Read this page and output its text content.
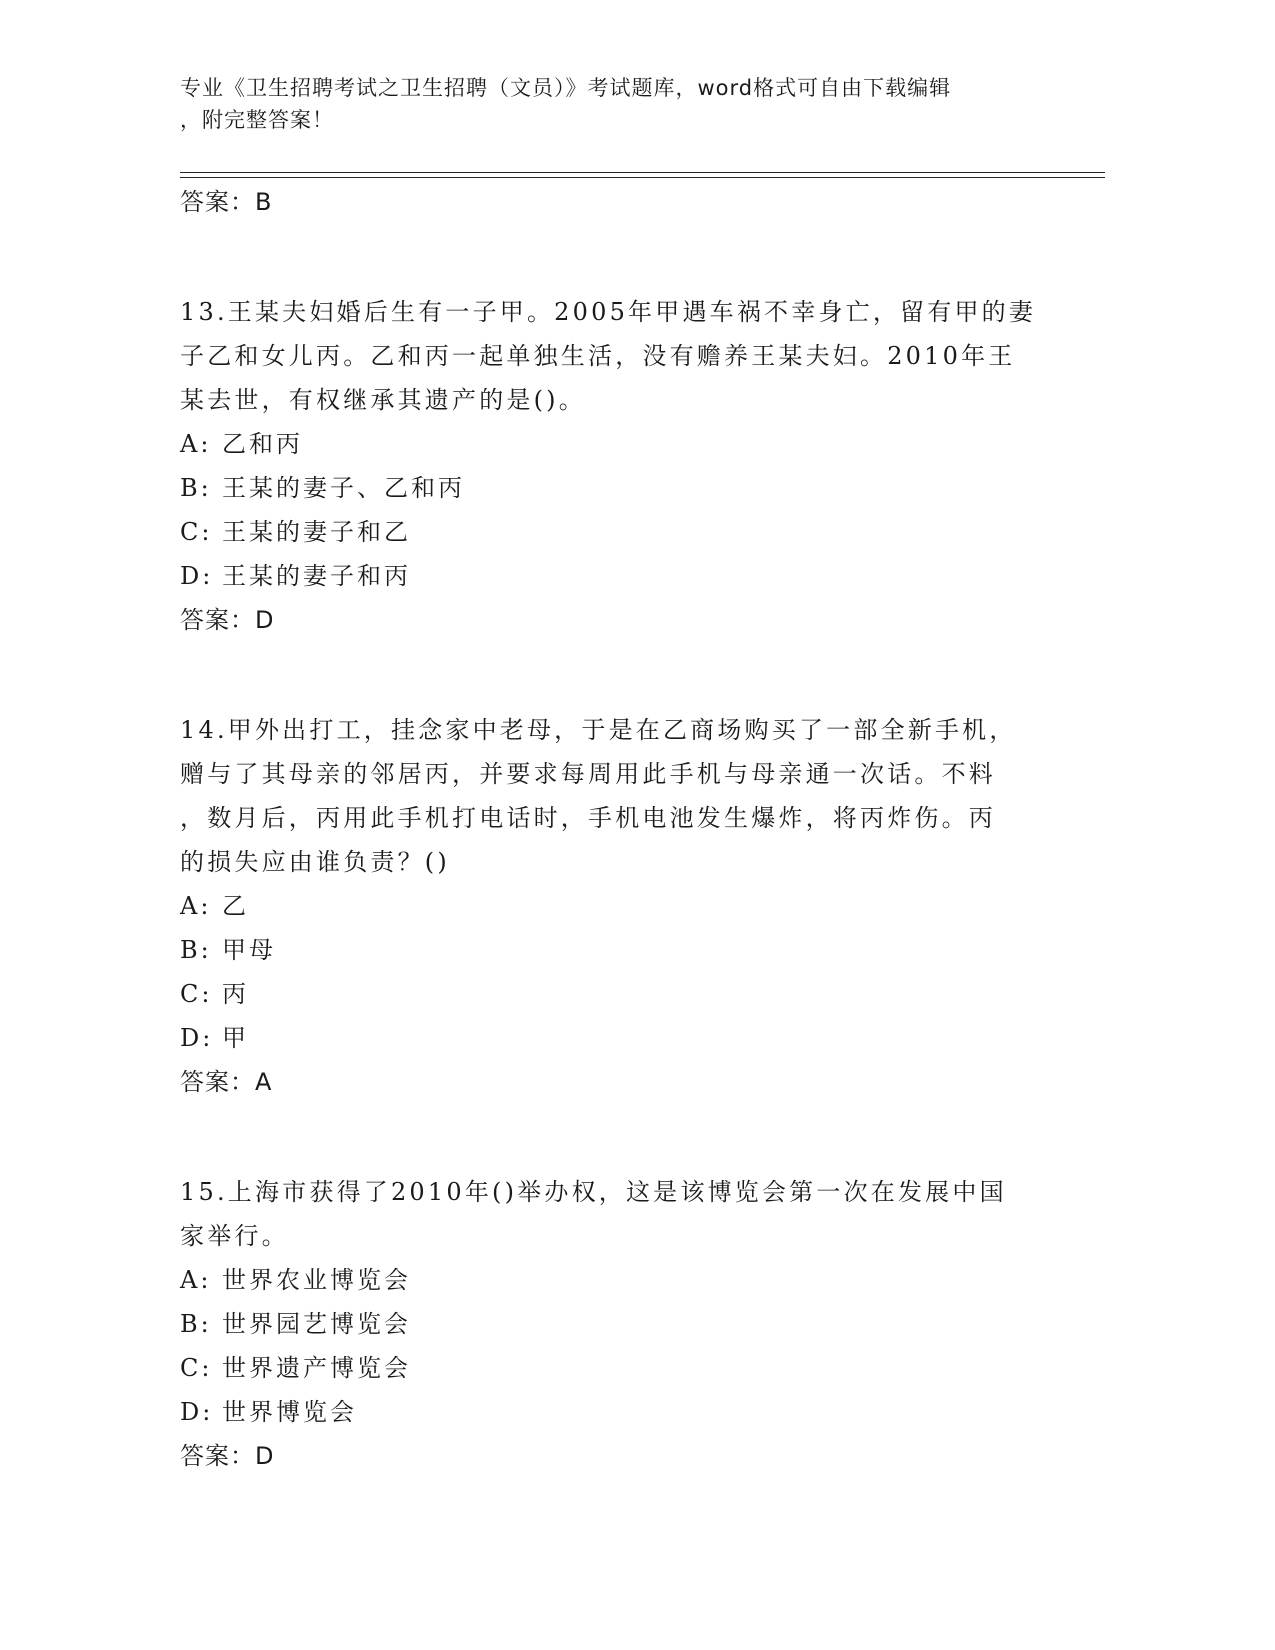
专业《卫生招聘考试之卫生招聘（文员）》考试题库，word格式可自由下载编辑
，附完整答案！
答案：B
13.王某夫妇婚后生有一子甲。2005年甲遇车祸不幸身亡，留有甲的妻
子乙和女儿丙。乙和丙一起单独生活，没有赡养王某夫妇。2010年王
某去世，有权继承其遗产的是()。
A: 乙和丙
B: 王某的妻子、乙和丙
C: 王某的妻子和乙
D: 王某的妻子和丙
答案：D
14.甲外出打工，挂念家中老母，于是在乙商场购买了一部全新手机，
赠与了其母亲的邻居丙，并要求每周用此手机与母亲通一次话。不料
，数月后，丙用此手机打电话时，手机电池发生爆炸，将丙炸伤。丙
的损失应由谁负责？()
A: 乙
B: 甲母
C: 丙
D: 甲
答案：A
15.上海市获得了2010年()举办权，这是该博览会第一次在发展中国
家举行。
A: 世界农业博览会
B: 世界园艺博览会
C: 世界遗产博览会
D: 世界博览会
答案：D
